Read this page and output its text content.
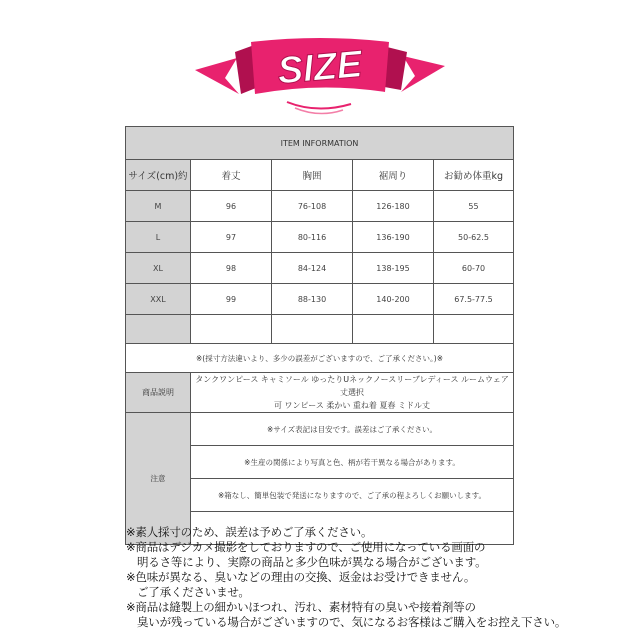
SIZE
ITEM INFORMATION				
サイズ(cm)約	着丈	胸囲	裾周り	お勧め体重kg
M	96	76-108	126-180	55
L	97	80-116	136-190	50-62.5
XL	98	84-124	138-195	60-70
XXL	99	88-130	140-200	67.5-77.5

※(採寸方法違いより、多少の誤差がございますので、ご了承ください。)※				
商品説明	タンクワンピース キャミソール ゆったりUネックノースリーブレディース ルームウェア 丈選択
可 ワンピース 柔かい 重ね着 夏春 ミドル丈			

注意	※サイズ表記は目安です。誤差はご了承ください。			
	※生産の関係により写真と色、柄が若干異なる場合があります。			
	※箱なし、簡単包装で発送になりますので、ご了承の程よろしくお願いします。			

※素人採寸のため、誤差は予めご了承ください。
※商品はデジカメ撮影をしておりますので、ご使用になっている画面の
明るさ等により、実際の商品と多少色味が異なる場合がございます。
※色味が異なる、臭いなどの理由の交換、返金はお受けできません。
ご了承くださいませ。
※商品は縫製上の細かいほつれ、汚れ、素材特有の臭いや接着剤等の
臭いが残っている場合がございますので、気になるお客様はご購入をお控え下さい。
